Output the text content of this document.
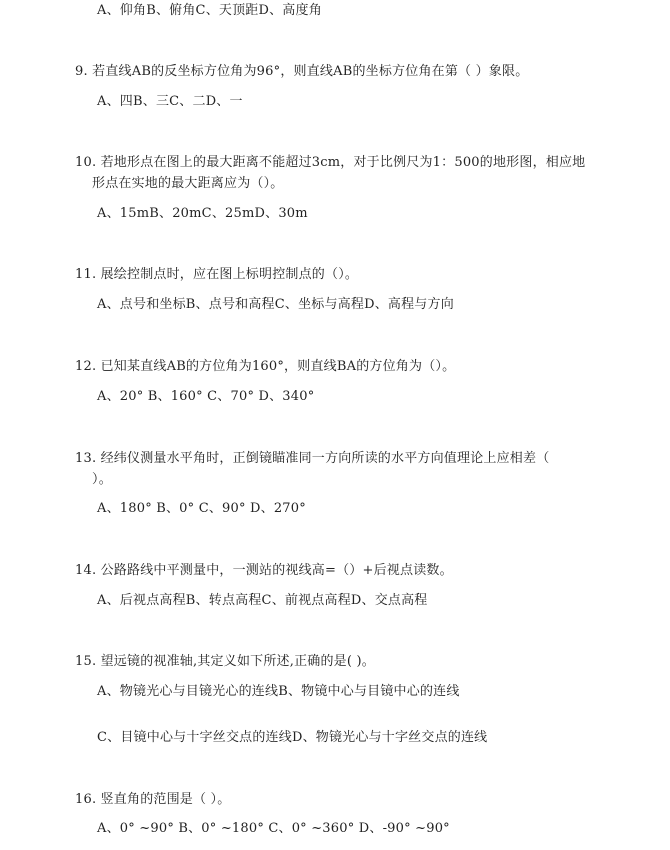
A、仰角B、俯角C、天顶距D、高度角
9. 若直线AB的反坐标方位角为96°，则直线AB的坐标方位角在第（ ）象限。
A、四B、三C、二D、一
10. 若地形点在图上的最大距离不能超过3cm，对于比例尺为1：500的地形图，相应地
形点在实地的最大距离应为（）。
A、15mB、20mC、25mD、30m
11. 展绘控制点时，应在图上标明控制点的（）。
A、点号和坐标B、点号和高程C、坐标与高程D、高程与方向
12. 已知某直线AB的方位角为160°，则直线BA的方位角为（）。
A、20° B、160° C、70° D、340°
13. 经纬仪测量水平角时，正倒镜瞄准同一方向所读的水平方向值理论上应相差（
）。
A、180° B、0° C、90° D、270°
14. 公路路线中平测量中，一测站的视线高=（）+后视点读数。
A、后视点高程B、转点高程C、前视点高程D、交点高程
15. 望远镜的视准轴,其定义如下所述,正确的是( )。
A、物镜光心与目镜光心的连线B、物镜中心与目镜中心的连线
C、目镜中心与十字丝交点的连线D、物镜光心与十字丝交点的连线
16. 竖直角的范围是（ ）。
A、0° ~90° B、0° ~180° C、0° ~360° D、-90° ~90°
